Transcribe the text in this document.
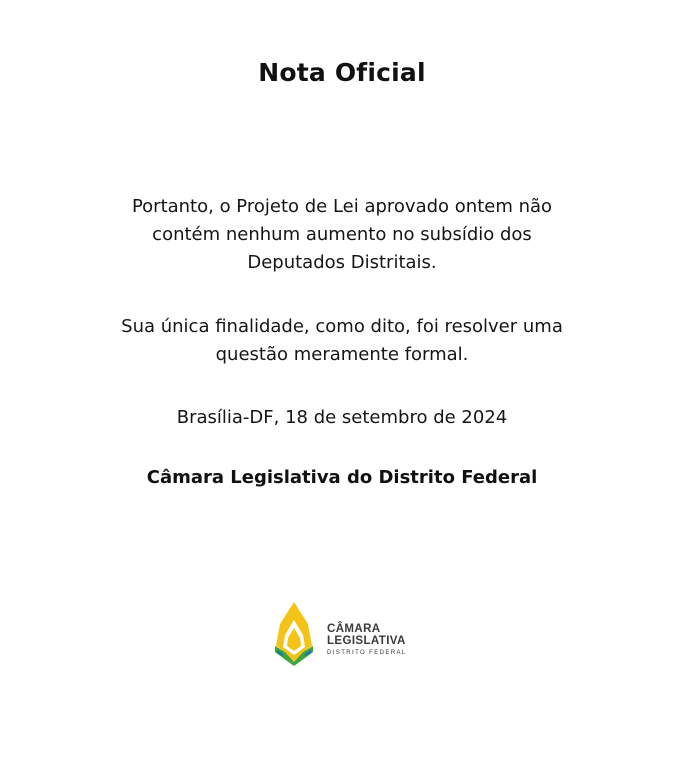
Nota Oficial
Portanto, o Projeto de Lei aprovado ontem não
contém nenhum aumento no subsídio dos
Deputados Distritais.
Sua única finalidade, como dito, foi resolver uma
questão meramente formal.
Brasília-DF, 18 de setembro de 2024
Câmara Legislativa do Distrito Federal
CÂMARA
LEGISLATIVA
DISTRITO FEDERAL
